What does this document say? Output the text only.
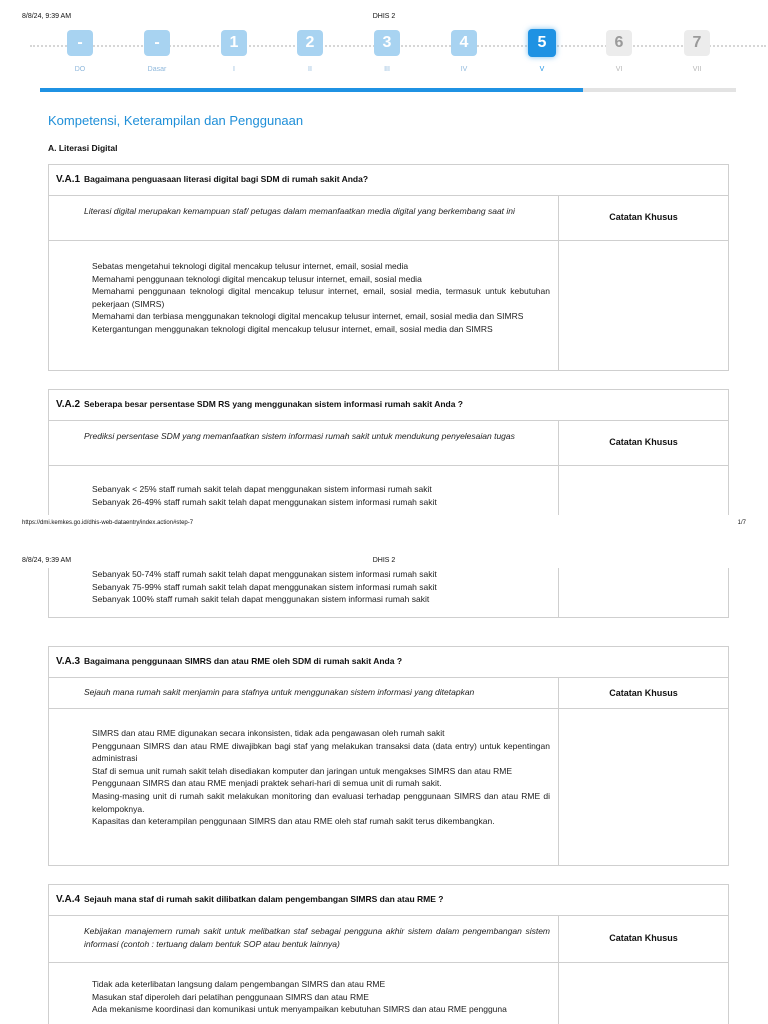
8/8/24, 9:39 AM	DHIS 2
-
DO
-
Dasar
1
I
2
II
3
III
4
IV
5
V
6
VI
7
VII
Kompetensi, Keterampilan dan Penggunaan
A. Literasi Digital
V.A.1 Bagaimana penguasaan literasi digital bagi SDM di rumah sakit Anda?
Literasi digital merupakan kemampuan staf/ petugas dalam memanfaatkan media digital yang berkembang saat ini
Catatan Khusus
Sebatas mengetahui teknologi digital mencakup telusur internet, email, sosial media
Memahami penggunaan teknologi digital mencakup telusur internet, email, sosial media
Memahami penggunaan teknologi digital mencakup telusur internet, email, sosial media, termasuk untuk kebutuhan pekerjaan (SIMRS)
Memahami dan terbiasa menggunakan teknologi digital mencakup telusur internet, email, sosial media dan SIMRS
Ketergantungan menggunakan teknologi digital mencakup telusur internet, email, sosial media dan SIMRS
V.A.2 Seberapa besar persentase SDM RS yang menggunakan sistem informasi rumah sakit Anda ?
Prediksi persentase SDM yang memanfaatkan sistem informasi rumah sakit untuk mendukung penyelesaian tugas
Catatan Khusus
Sebanyak < 25% staff rumah sakit telah dapat menggunakan sistem informasi rumah sakit
Sebanyak 26-49% staff rumah sakit telah dapat menggunakan sistem informasi rumah sakit
https://dmi.kemkes.go.id/dhis-web-dataentry/index.action#step-7	1/7
8/8/24, 9:39 AM	DHIS 2
Sebanyak 50-74% staff rumah sakit telah dapat menggunakan sistem informasi rumah sakit
Sebanyak 75-99% staff rumah sakit telah dapat menggunakan sistem informasi rumah sakit
Sebanyak 100% staff rumah sakit telah dapat menggunakan sistem informasi rumah sakit
V.A.3 Bagaimana penggunaan SIMRS dan atau RME oleh SDM di rumah sakit Anda ?
Sejauh mana rumah sakit menjamin para stafnya untuk menggunakan sistem informasi yang ditetapkan	Catatan Khusus
SIMRS dan atau RME digunakan secara inkonsisten, tidak ada pengawasan oleh rumah sakit
Penggunaan SIMRS dan atau RME diwajibkan bagi staf yang melakukan transaksi data (data entry) untuk kepentingan administrasi
Staf di semua unit rumah sakit telah disediakan komputer dan jaringan untuk mengakses SIMRS dan atau RME
Penggunaan SIMRS dan atau RME menjadi praktek sehari-hari di semua unit di rumah sakit.
Masing-masing unit di rumah sakit melakukan monitoring dan evaluasi terhadap penggunaan SIMRS dan atau RME di kelompoknya.
Kapasitas dan keterampilan penggunaan SIMRS dan atau RME oleh staf rumah sakit terus dikembangkan.
V.A.4 Sejauh mana staf di rumah sakit dilibatkan dalam pengembangan SIMRS dan atau RME ?
Kebijakan manajemern rumah sakit untuk melibatkan staf sebagai pengguna akhir sistem dalam pengembangan sistem informasi (contoh : tertuang dalam bentuk SOP atau bentuk lainnya)
Catatan Khusus
Tidak ada keterlibatan langsung dalam pengembangan SIMRS dan atau RME
Masukan staf diperoleh dari pelatihan penggunaan SIMRS dan atau RME
Ada mekanisme koordinasi dan komunikasi untuk menyampaikan kebutuhan SIMRS dan atau RME pengguna
